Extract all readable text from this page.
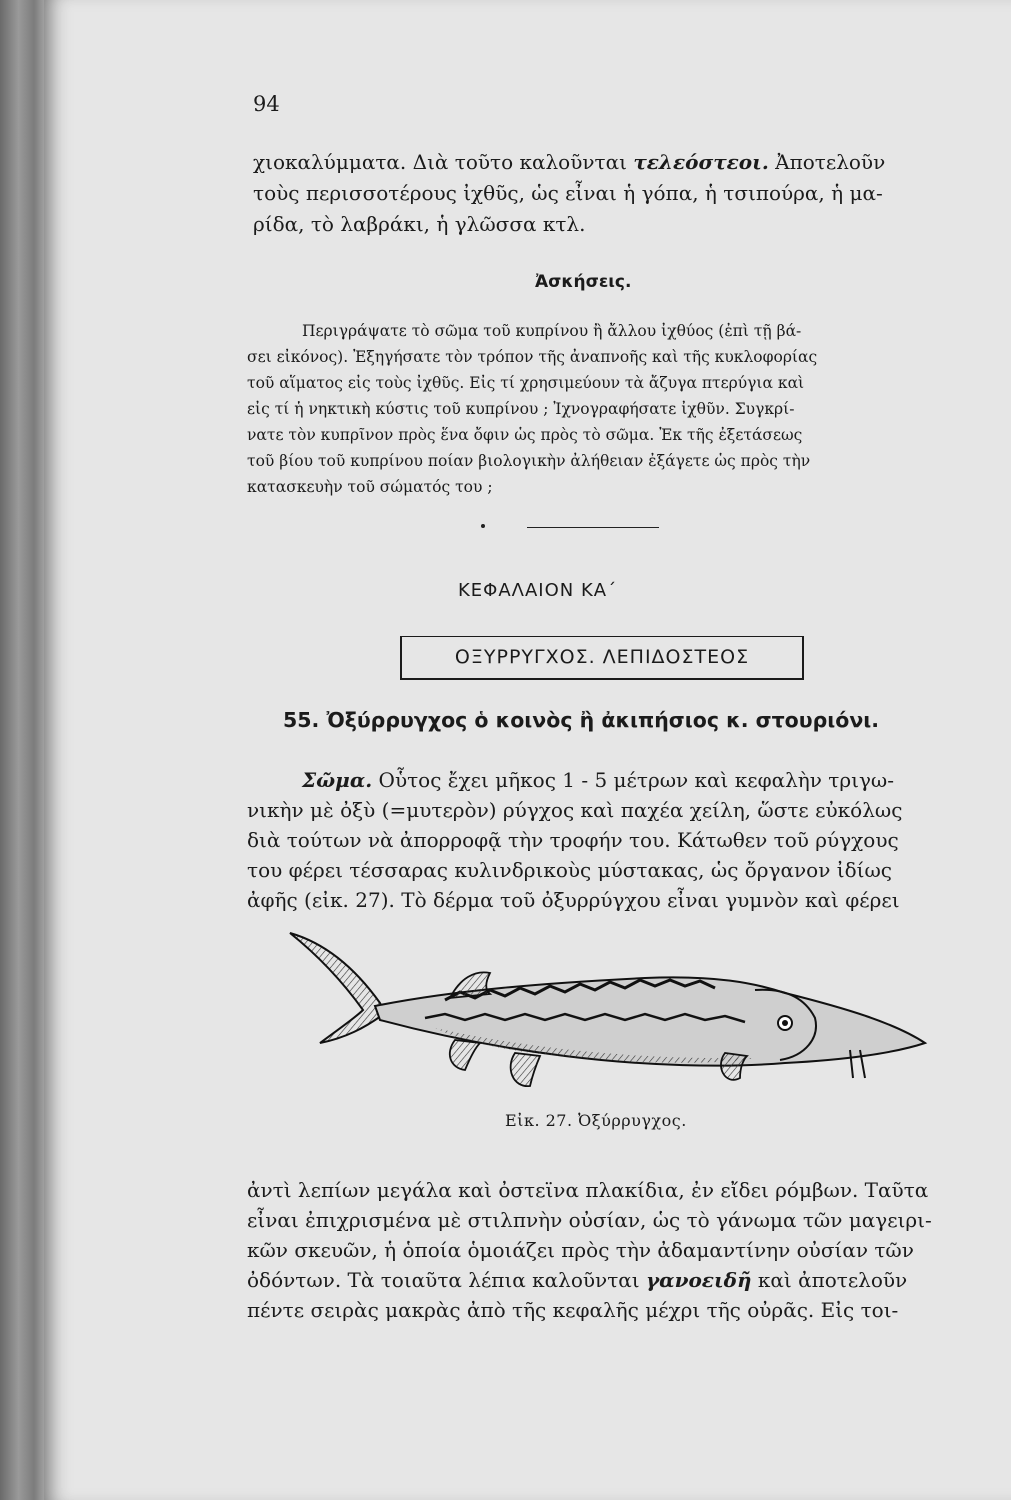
94
χιοκαλύμματα. Διὰ τοῦτο καλοῦνται τελεόστεοι. Ἀποτελοῦν
τοὺς περισσοτέρους ἰχθῦς, ὡς εἶναι ἡ γόπα, ἡ τσιπούρα, ἡ μα-
ρίδα, τὸ λαβράκι, ἡ γλῶσσα κτλ.
Ἀσκήσεις.
Περιγράψατε τὸ σῶμα τοῦ κυπρίνου ἢ ἄλλου ἰχθύος (ἐπὶ τῇ βά-
σει εἰκόνος). Ἐξηγήσατε τὸν τρόπον τῆς ἀναπνοῆς καὶ τῆς κυκλοφορίας
τοῦ αἵματος εἰς τοὺς ἰχθῦς. Εἰς τί χρησιμεύουν τὰ ἄζυγα πτερύγια καὶ
εἰς τί ἡ νηκτικὴ κύστις τοῦ κυπρίνου ; Ἰχνογραφήσατε ἰχθῦν. Συγκρί-
νατε τὸν κυπρῖνον πρὸς ἕνα ὄφιν ὡς πρὸς τὸ σῶμα. Ἐκ τῆς ἐξετάσεως
τοῦ βίου τοῦ κυπρίνου ποίαν βιολογικὴν ἀλήθειαν ἐξάγετε ὡς πρὸς τὴν
κατασκευὴν τοῦ σώματός του ;
ΚΕΦΑΛΑΙΟΝ ΚΑ΄
ΟΞΥΡΡΥΓΧΟΣ. ΛΕΠΙΔΟΣΤΕΟΣ
55. Ὀξύρρυγχος ὁ κοινὸς ἢ ἀκιπήσιος κ. στουριόνι.
Σῶμα. Οὗτος ἔχει μῆκος 1 - 5 μέτρων καὶ κεφαλὴν τριγω-
νικὴν μὲ ὀξὺ (=μυτερὸν) ρύγχος καὶ παχέα χείλη, ὥστε εὐκόλως
διὰ τούτων νὰ ἀπορροφᾷ τὴν τροφήν του. Κάτωθεν τοῦ ρύγχους
του φέρει τέσσαρας κυλινδρικοὺς μύστακας, ὡς ὄργανον ἰδίως
ἀφῆς (εἰκ. 27). Τὸ δέρμα τοῦ ὀξυρρύγχου εἶναι γυμνὸν καὶ φέρει
Εἰκ. 27. Ὀξύρρυγχος.
ἀντὶ λεπίων μεγάλα καὶ ὀστεϊνα πλακίδια, ἐν εἴδει ρόμβων. Ταῦτα
εἶναι ἐπιχρισμένα μὲ στιλπνὴν οὐσίαν, ὡς τὸ γάνωμα τῶν μαγειρι-
κῶν σκευῶν, ἡ ὁποία ὁμοιάζει πρὸς τὴν ἀδαμαντίνην οὐσίαν τῶν
ὀδόντων. Τὰ τοιαῦτα λέπια καλοῦνται γανοειδῆ καὶ ἀποτελοῦν
πέντε σειρὰς μακρὰς ἀπὸ τῆς κεφαλῆς μέχρι τῆς οὐρᾶς. Εἰς τοι-
